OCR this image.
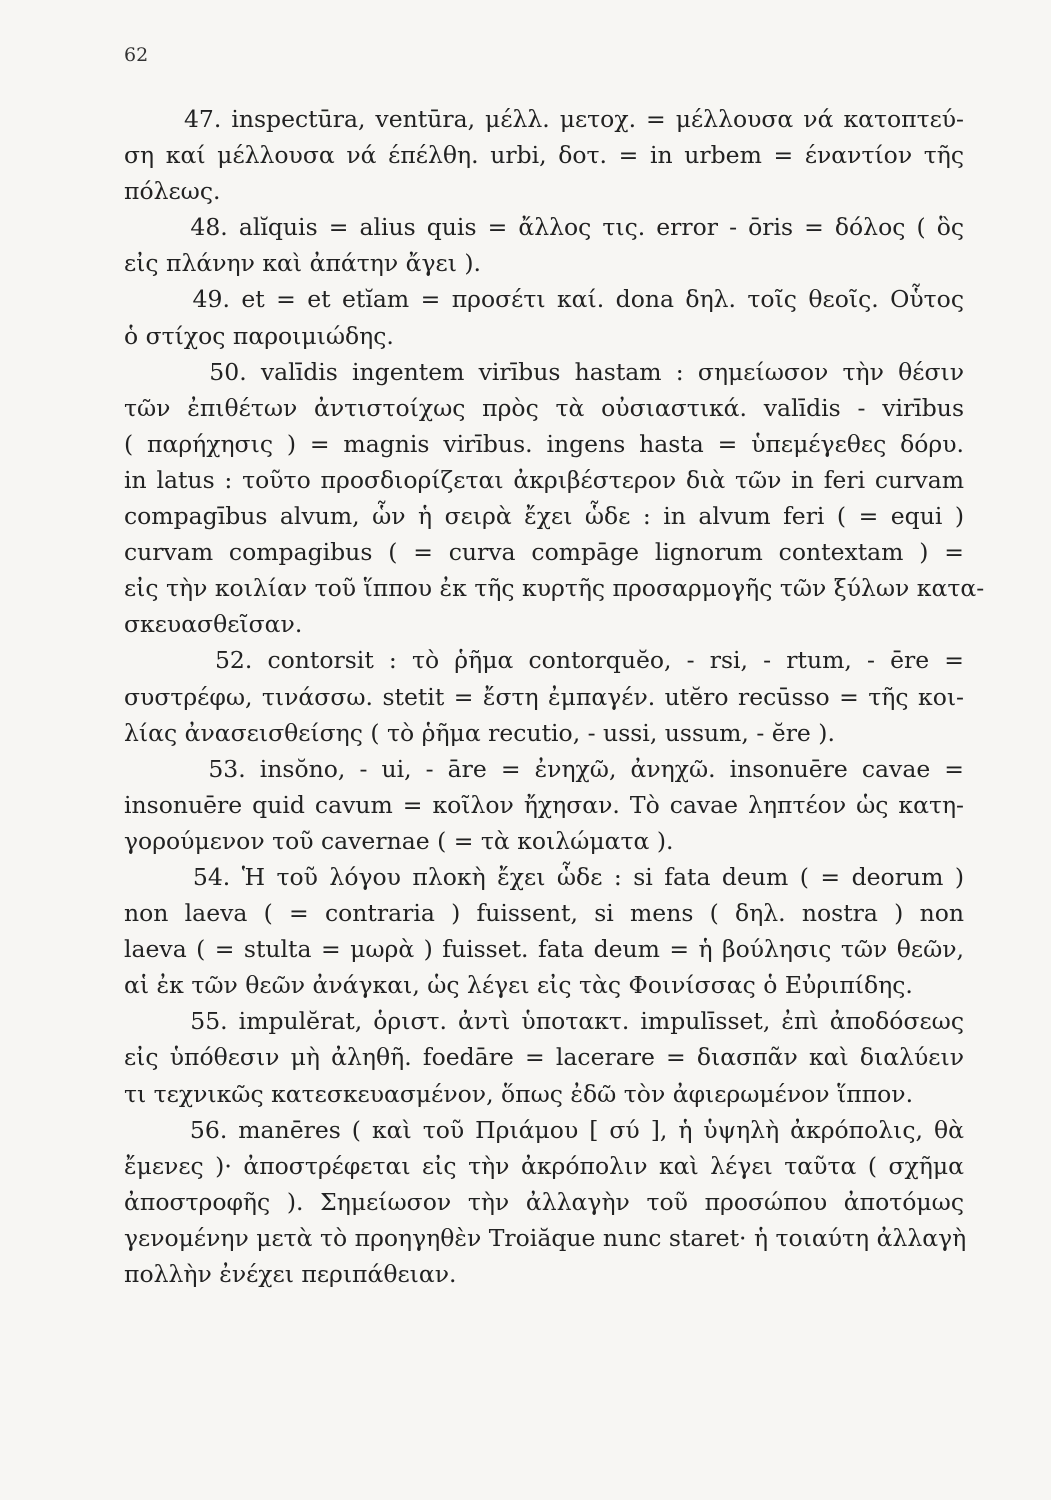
62
47. inspectūra, ventūra, μέλλ. μετοχ. = μέλλουσα νά κατοπτεύ-
ση καί μέλλουσα νά έπέλθη. urbi, δοτ. = in urbem = έναντίον τῆς
πόλεως.
48. alĭquis = alius quis = ἄλλος τις. error - ōris = δόλος ( ὃς
εἰς πλάνην καὶ ἀπάτην ἄγει ).
49. et = et etĭam = προσέτι καί. dona δηλ. τοῖς θεοῖς. Οὗτος
ὁ στίχος παροιμιώδης.
50. valīdis ingentem virībus hastam : σημείωσον τὴν θέσιν
τῶν ἐπιθέτων ἀντιστοίχως πρὸς τὰ οὐσιαστικά. valīdis - virībus
( παρήχησις ) = magnis virībus. ingens hasta = ὑπεμέγεθες δόρυ.
in latus : τοῦτο προσδιορίζεται ἀκριβέστερον διὰ τῶν in feri curvam
compagībus alvum, ὧν ἡ σειρὰ ἔχει ὧδε : in alvum feri ( = equi )
curvam compagibus ( = curva compāge lignorum contextam ) =
εἰς τὴν κοιλίαν τοῦ ἵππου ἐκ τῆς κυρτῆς προσαρμογῆς τῶν ξύλων κατα-
σκευασθεῖσαν.
52. contorsit : τὸ ῥῆμα contorquĕo, - rsi, - rtum, - ēre =
συστρέφω, τινάσσω. stetit = ἔστη ἐμπαγέν. utĕro recūsso = τῆς κοι-
λίας ἀνασεισθείσης ( τὸ ῥῆμα recutio, - ussi, ussum, - ĕre ).
53. insŏno, - ui, - āre = ἐνηχῶ, ἀνηχῶ. insonuēre cavae =
insonuēre quid cavum = κοῖλον ἤχησαν. Τὸ cavae ληπτέον ὡς κατη-
γορούμενον τοῦ cavernae ( = τὰ κοιλώματα ).
54. Ἡ τοῦ λόγου πλοκὴ ἔχει ὧδε : si fata deum ( = deorum )
non laeva ( = contraria ) fuissent, si mens ( δηλ. nostra ) non
laeva ( = stulta = μωρὰ ) fuisset. fata deum = ἡ βούλησις τῶν θεῶν,
αἱ ἐκ τῶν θεῶν ἀνάγκαι, ὡς λέγει εἰς τὰς Φοινίσσας ὁ Εὐριπίδης.
55. impulĕrat, ὁριστ. ἀντὶ ὑποτακτ. impulīsset, ἐπὶ ἀποδόσεως
εἰς ὑπόθεσιν μὴ ἀληθῆ. foedāre = lacerare = διασπᾶν καὶ διαλύειν
τι τεχνικῶς κατεσκευασμένον, ὅπως ἐδῶ τὸν ἀφιερωμένον ἵππον.
56. manēres ( καὶ τοῦ Πριάμου [ σύ ], ἡ ὑψηλὴ ἀκρόπολις, θὰ
ἔμενες )· ἀποστρέφεται εἰς τὴν ἀκρόπολιν καὶ λέγει ταῦτα ( σχῆμα
ἀποστροφῆς ). Σημείωσον τὴν ἀλλαγὴν τοῦ προσώπου ἀποτόμως
γενομένην μετὰ τὸ προηγηθὲν Troiăque nunc staret· ἡ τοιαύτη ἀλλαγὴ
πολλὴν ἐνέχει περιπάθειαν.
